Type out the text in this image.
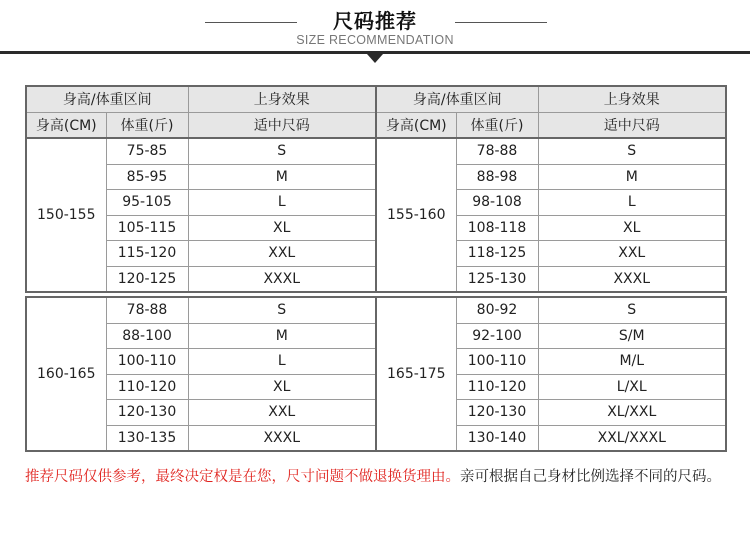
尺码推荐
SIZE RECOMMENDATION
身高/体重区间		上身效果	身高/体重区间		上身效果
身高(CM)	体重(斤)	适中尺码	身高(CM)	体重(斤)	适中尺码
150-155	75-85	S	155-160	78-88	S
	85-95	M		88-98	M
	95-105	L		98-108	L
	105-115	XL		108-118	XL
	115-120	XXL		118-125	XXL
	120-125	XXXL		125-130	XXXL
160-165	78-88	S	165-175	80-92	S
	88-100	M		92-100	S/M
	100-110	L		100-110	M/L
	110-120	XL		110-120	L/XL
	120-130	XXL		120-130	XL/XXL
	130-135	XXXL		130-140	XXL/XXXL
推荐尺码仅供参考，最终决定权是在您，尺寸问题不做退换货理由。亲可根据自己身材比例选择不同的尺码。
